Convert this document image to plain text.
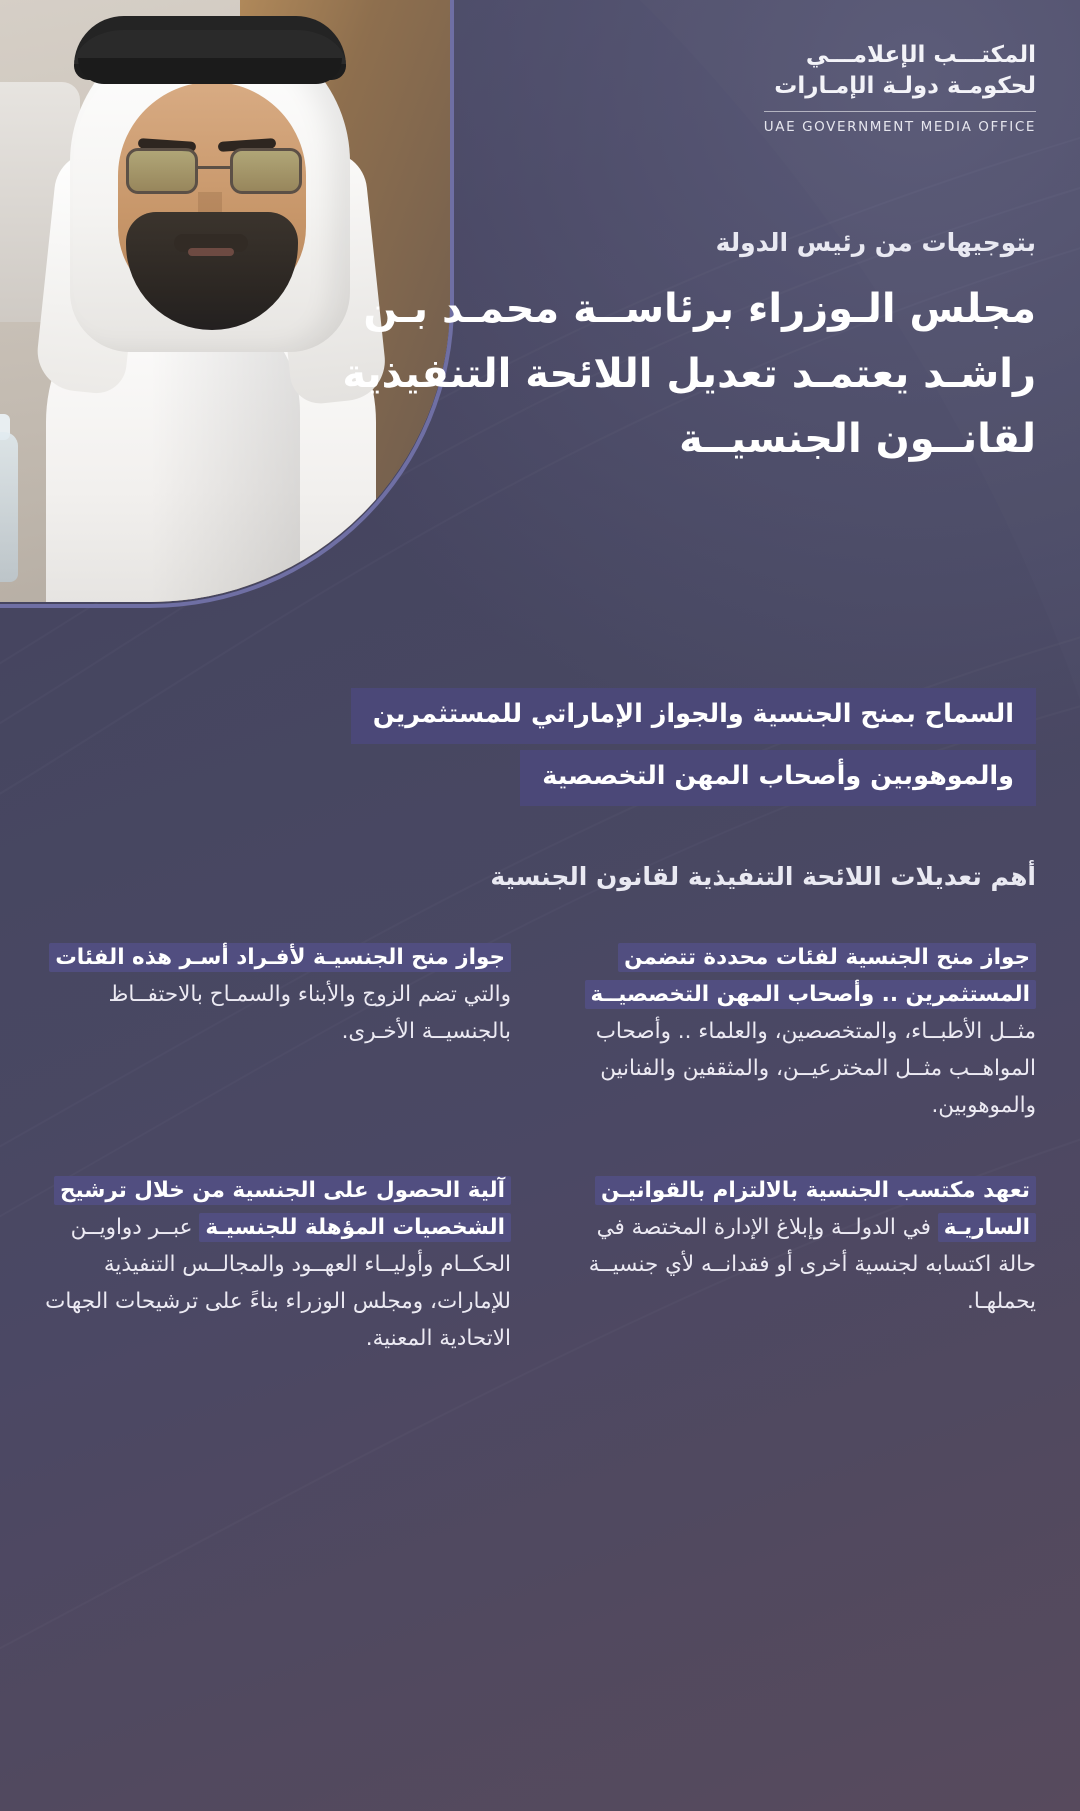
المكتـــب الإعلامـــي
لحكومـة دولـة الإمـارات
UAE GOVERNMENT MEDIA OFFICE
بتوجيهات من رئيس الدولة
مجلس الـوزراء برئاســة محمـد بـن راشـد يعتمـد تعديل اللائحة التنفيذية لقانــون الجنسيــة
السماح بمنح الجنسية والجواز الإماراتي للمستثمرين
والموهوبين وأصحاب المهن التخصصية
أهم تعديلات اللائحة التنفيذية لقانون الجنسية

جواز منح الجنسية لفئات محددة تتضمن المستثمرين .. وأصحاب المهن التخصصيــة مثــل الأطبــاء، والمتخصصين، والعلماء .. وأصحاب المواهــب مثــل المخترعيــن، والمثقفين والفنانين والموهوبين.

جواز منح الجنسيـة لأفـراد أسـر هذه الفئات والتي تضم الزوج والأبناء والسمـاح بالاحتفــاظ بالجنسيــة الأخـرى.

تعهد مكتسب الجنسية بالالتزام بالقوانيـن الساريـة في الدولــة وإبلاغ الإدارة المختصة في حالة اكتسابه لجنسية أخرى أو فقدانــه لأي جنسيــة يحملهـا.

آلية الحصول على الجنسية من خلال ترشيح الشخصيات المؤهلة للجنسيـة عبــر دواويــن الحكــام وأوليــاء العهــود والمجالــس التنفيذية للإمارات، ومجلس الوزراء بناءً على ترشيحات الجهات الاتحادية المعنية.
